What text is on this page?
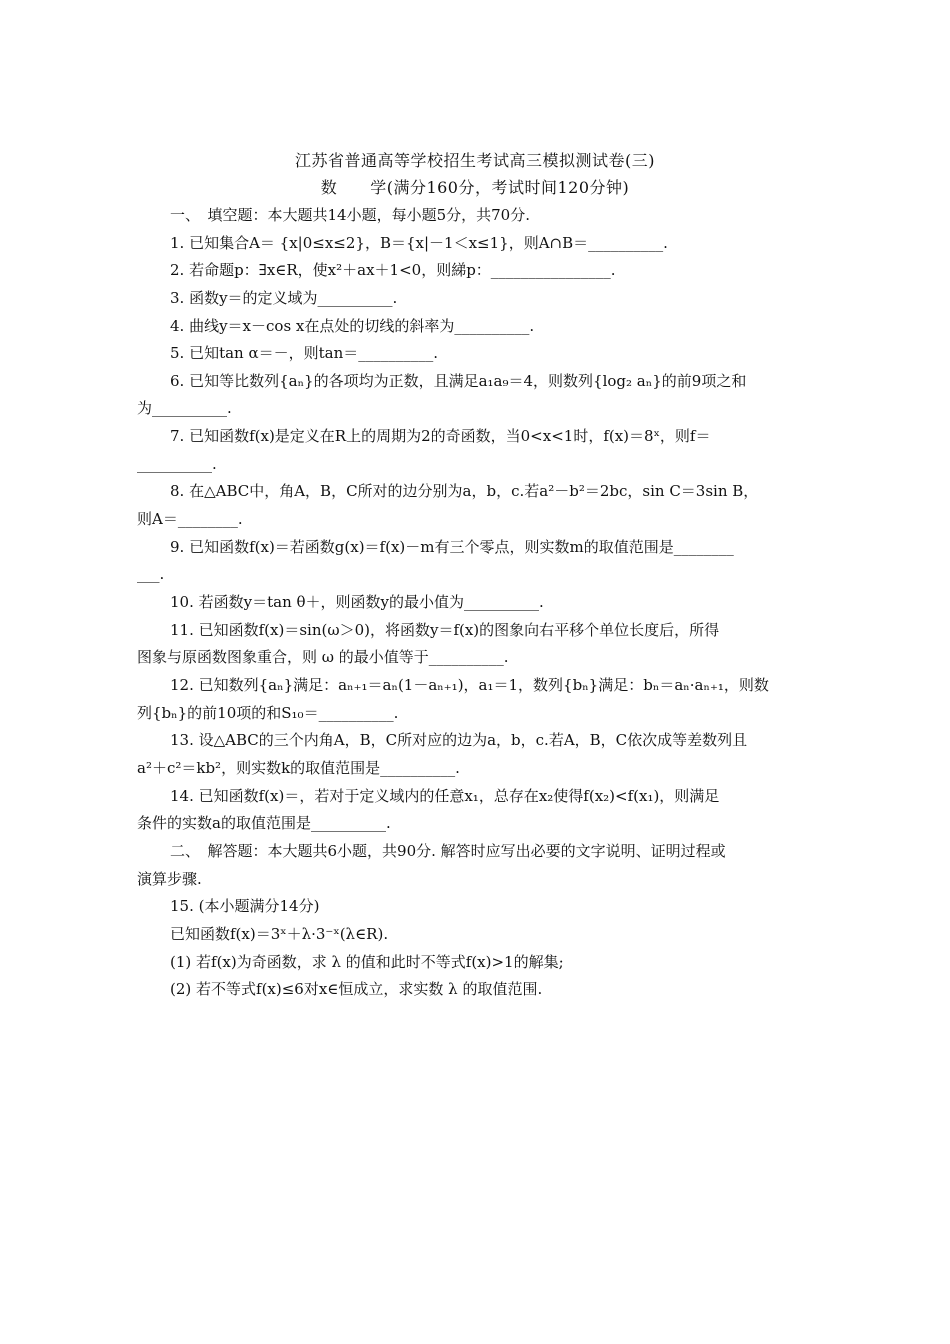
江苏省普通高等学校招生考试高三模拟测试卷(三)
数　　学(满分160分，考试时间120分钟)
一、　填空题：本大题共14小题，每小题5分，共70分.
1. 已知集合A＝ {x|0≤x≤2}，B＝{x|－1＜x≤1}，则A∩B＝__________.
2. 若命题p：∃x∈R，使x²＋ax＋1<0，则綈p：________________.
3. 函数y＝的定义域为__________.
4. 曲线y＝x－cos x在点处的切线的斜率为__________.
5. 已知tan α＝－，则tan＝__________.
6. 已知等比数列{aₙ}的各项均为正数，且满足a₁a₉＝4，则数列{log₂ aₙ}的前9项之和
为__________.
7. 已知函数f(x)是定义在R上的周期为2的奇函数，当0<x<1时，f(x)＝8ˣ，则f＝
__________.
8. 在△ABC中，角A，B，C所对的边分别为a，b，c.若a²－b²＝2bc，sin C＝3sin B，
则A＝________.
9. 已知函数f(x)＝若函数g(x)＝f(x)－m有三个零点，则实数m的取值范围是________
___.
10. 若函数y＝tan θ＋，则函数y的最小值为__________.
11. 已知函数f(x)＝sin(ω＞0)，将函数y＝f(x)的图象向右平移个单位长度后，所得
图象与原函数图象重合，则 ω 的最小值等于__________.
12. 已知数列{aₙ}满足：aₙ₊₁＝aₙ(1－aₙ₊₁)，a₁＝1，数列{bₙ}满足：bₙ＝aₙ·aₙ₊₁，则数
列{bₙ}的前10项的和S₁₀＝__________.
13. 设△ABC的三个内角A，B，C所对应的边为a，b，c.若A，B，C依次成等差数列且
a²＋c²＝kb²，则实数k的取值范围是__________.
14. 已知函数f(x)＝，若对于定义域内的任意x₁，总存在x₂使得f(x₂)<f(x₁)，则满足
条件的实数a的取值范围是__________.
二、　解答题：本大题共6小题，共90分. 解答时应写出必要的文字说明、证明过程或
演算步骤.
15. (本小题满分14分)
已知函数f(x)＝3ˣ＋λ·3⁻ˣ(λ∈R).
(1) 若f(x)为奇函数，求 λ 的值和此时不等式f(x)>1的解集;
(2) 若不等式f(x)≤6对x∈恒成立，求实数 λ 的取值范围.
